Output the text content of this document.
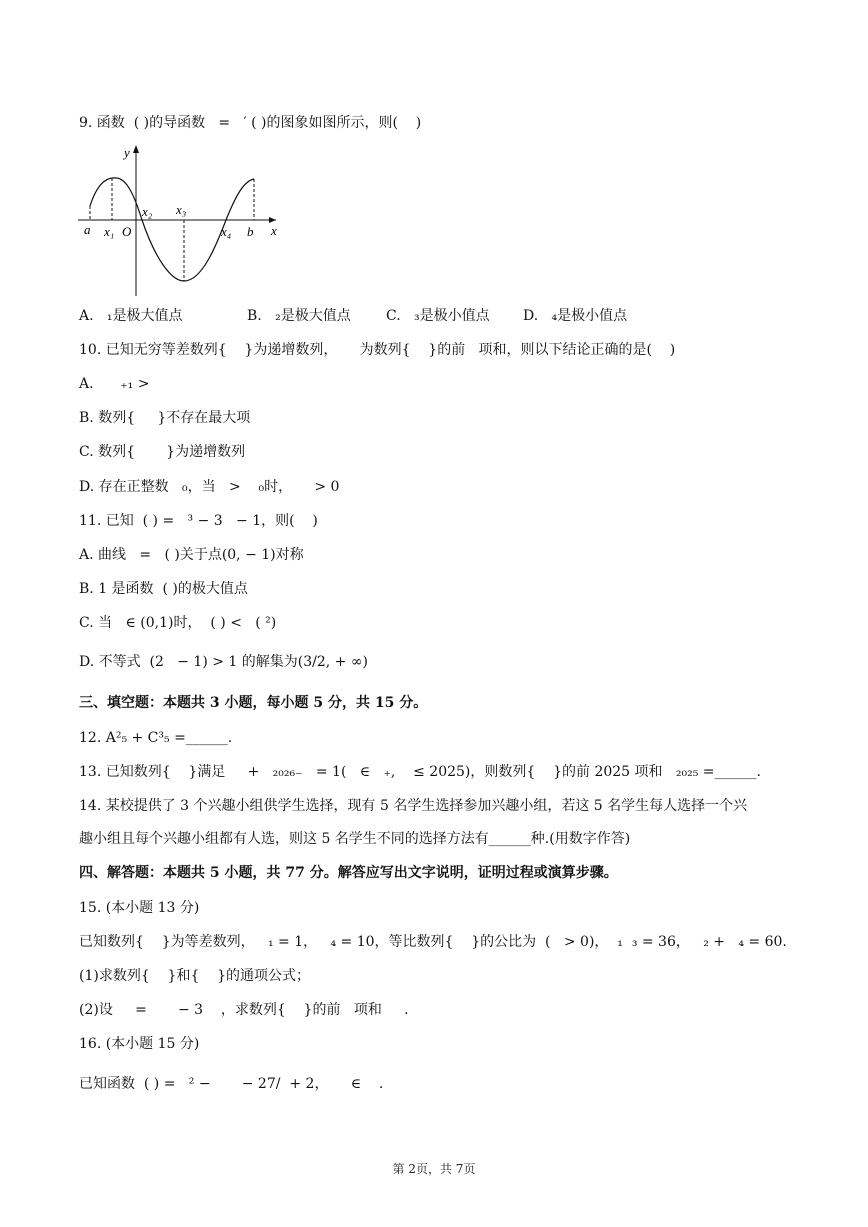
9. 函数  ( )的导函数   =   ′ ( )的图象如图所示，则(    )
y
x
a x₁ O
x₂ x₃
x₄ b
A.   ₁是极大值点	B.   ₂是极大值点	C.   ₃是极小值点 D.   ₄是极小值点
10. 已知无穷等差数列{    }为递增数列，     为数列{    }的前   项和，则以下结论正确的是(    )
A.      ₊₁ >
B. 数列{     }不存在最大项
C. 数列{       }为递增数列
D. 存在正整数   ₀，当   >    ₀时，     > 0
11. 已知  ( ) =   ³ − 3   − 1，则(    )
A. 曲线   =   ( )关于点(0, − 1)对称
B. 1 是函数  ( )的极大值点
C. 当   ∈ (0,1)时，  ( ) <   ( ²)
D. 不等式  (2   − 1) > 1 的解集为(3/2, + ∞)
三、填空题：本题共 3 小题，每小题 5 分，共 15 分。
12. A²₅ + C³₅ =______.
13. 已知数列{    }满足     +   ₂₀₂₆₋   = 1(   ∈   ₊,    ≤ 2025)，则数列{    }的前 2025 项和   ₂₀₂₅ =______.
14. 某校提供了 3 个兴趣小组供学生选择，现有 5 名学生选择参加兴趣小组，若这 5 名学生每人选择一个兴
趣小组且每个兴趣小组都有人选，则这 5 名学生不同的选择方法有______种.(用数字作答)
四、解答题：本题共 5 小题，共 77 分。解答应写出文字说明，证明过程或演算步骤。
15. (本小题 13 分)
已知数列{    }为等差数列，   ₁ = 1，   ₄ = 10，等比数列{    }的公比为  (   > 0)，  ₁  ₃ = 36，   ₂ +   ₄ = 60.
(1)求数列{    }和{    }的通项公式；
(2)设     =       − 3    ，求数列{    }的前   项和     .
16. (本小题 15 分)
已知函数  ( ) =   ² −       − 27/  + 2，     ∈    .
第 2页，共 7页
